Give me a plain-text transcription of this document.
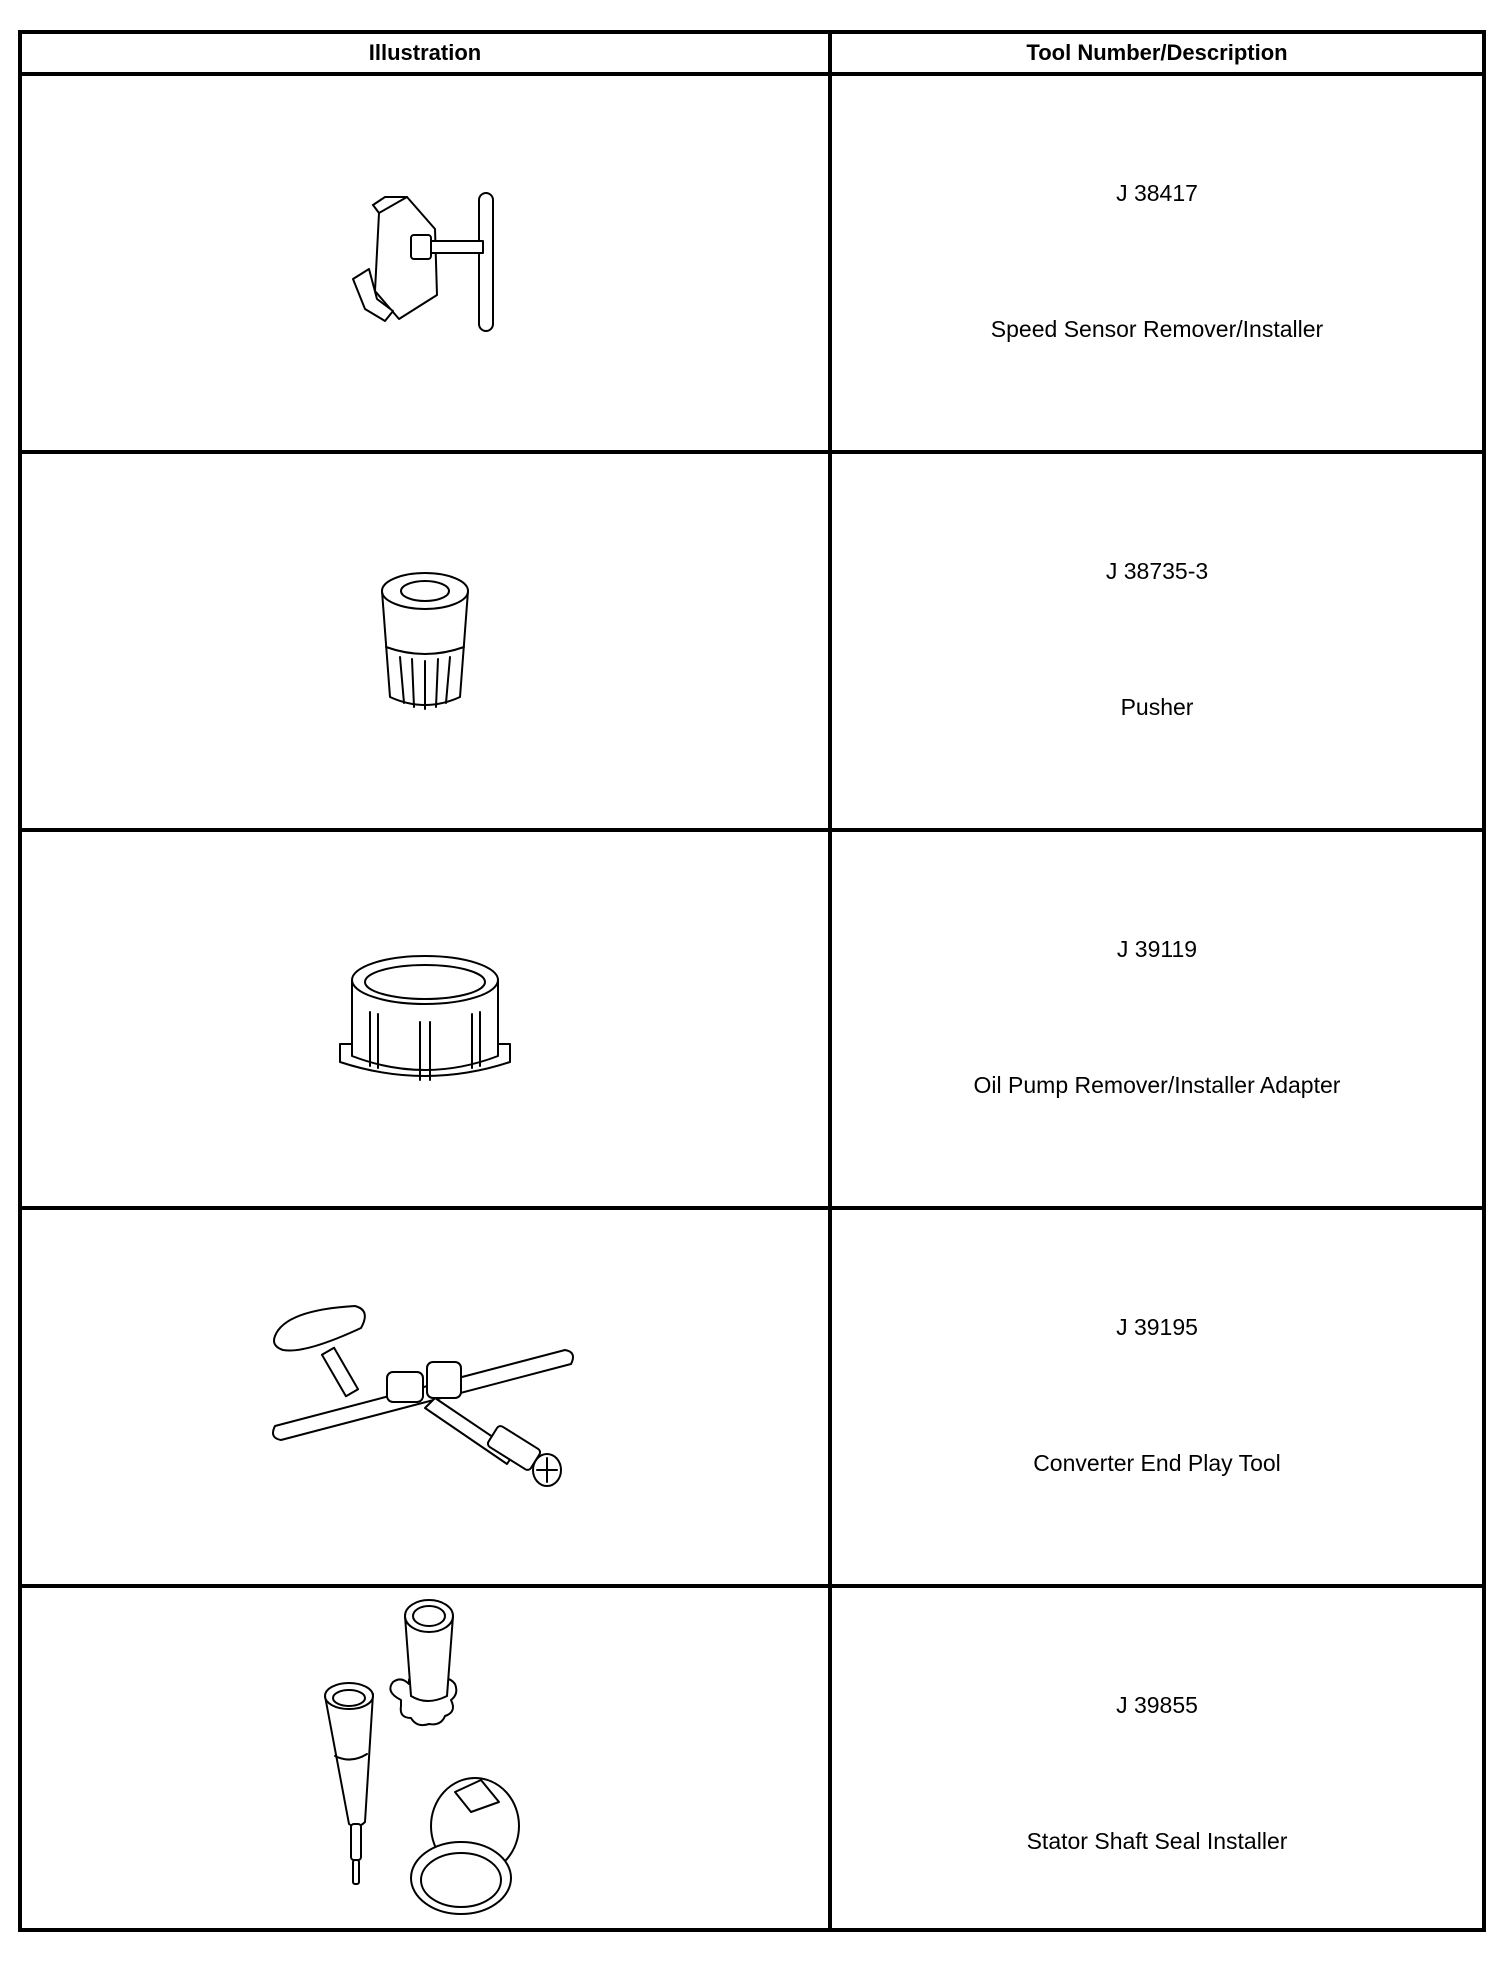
Illustration	Tool Number/Description
J 38417
Speed Sensor Remover/Installer
J 38735-3
Pusher
J 39119
Oil Pump Remover/Installer Adapter
J 39195
Converter End Play Tool
J 39855
Stator Shaft Seal Installer
